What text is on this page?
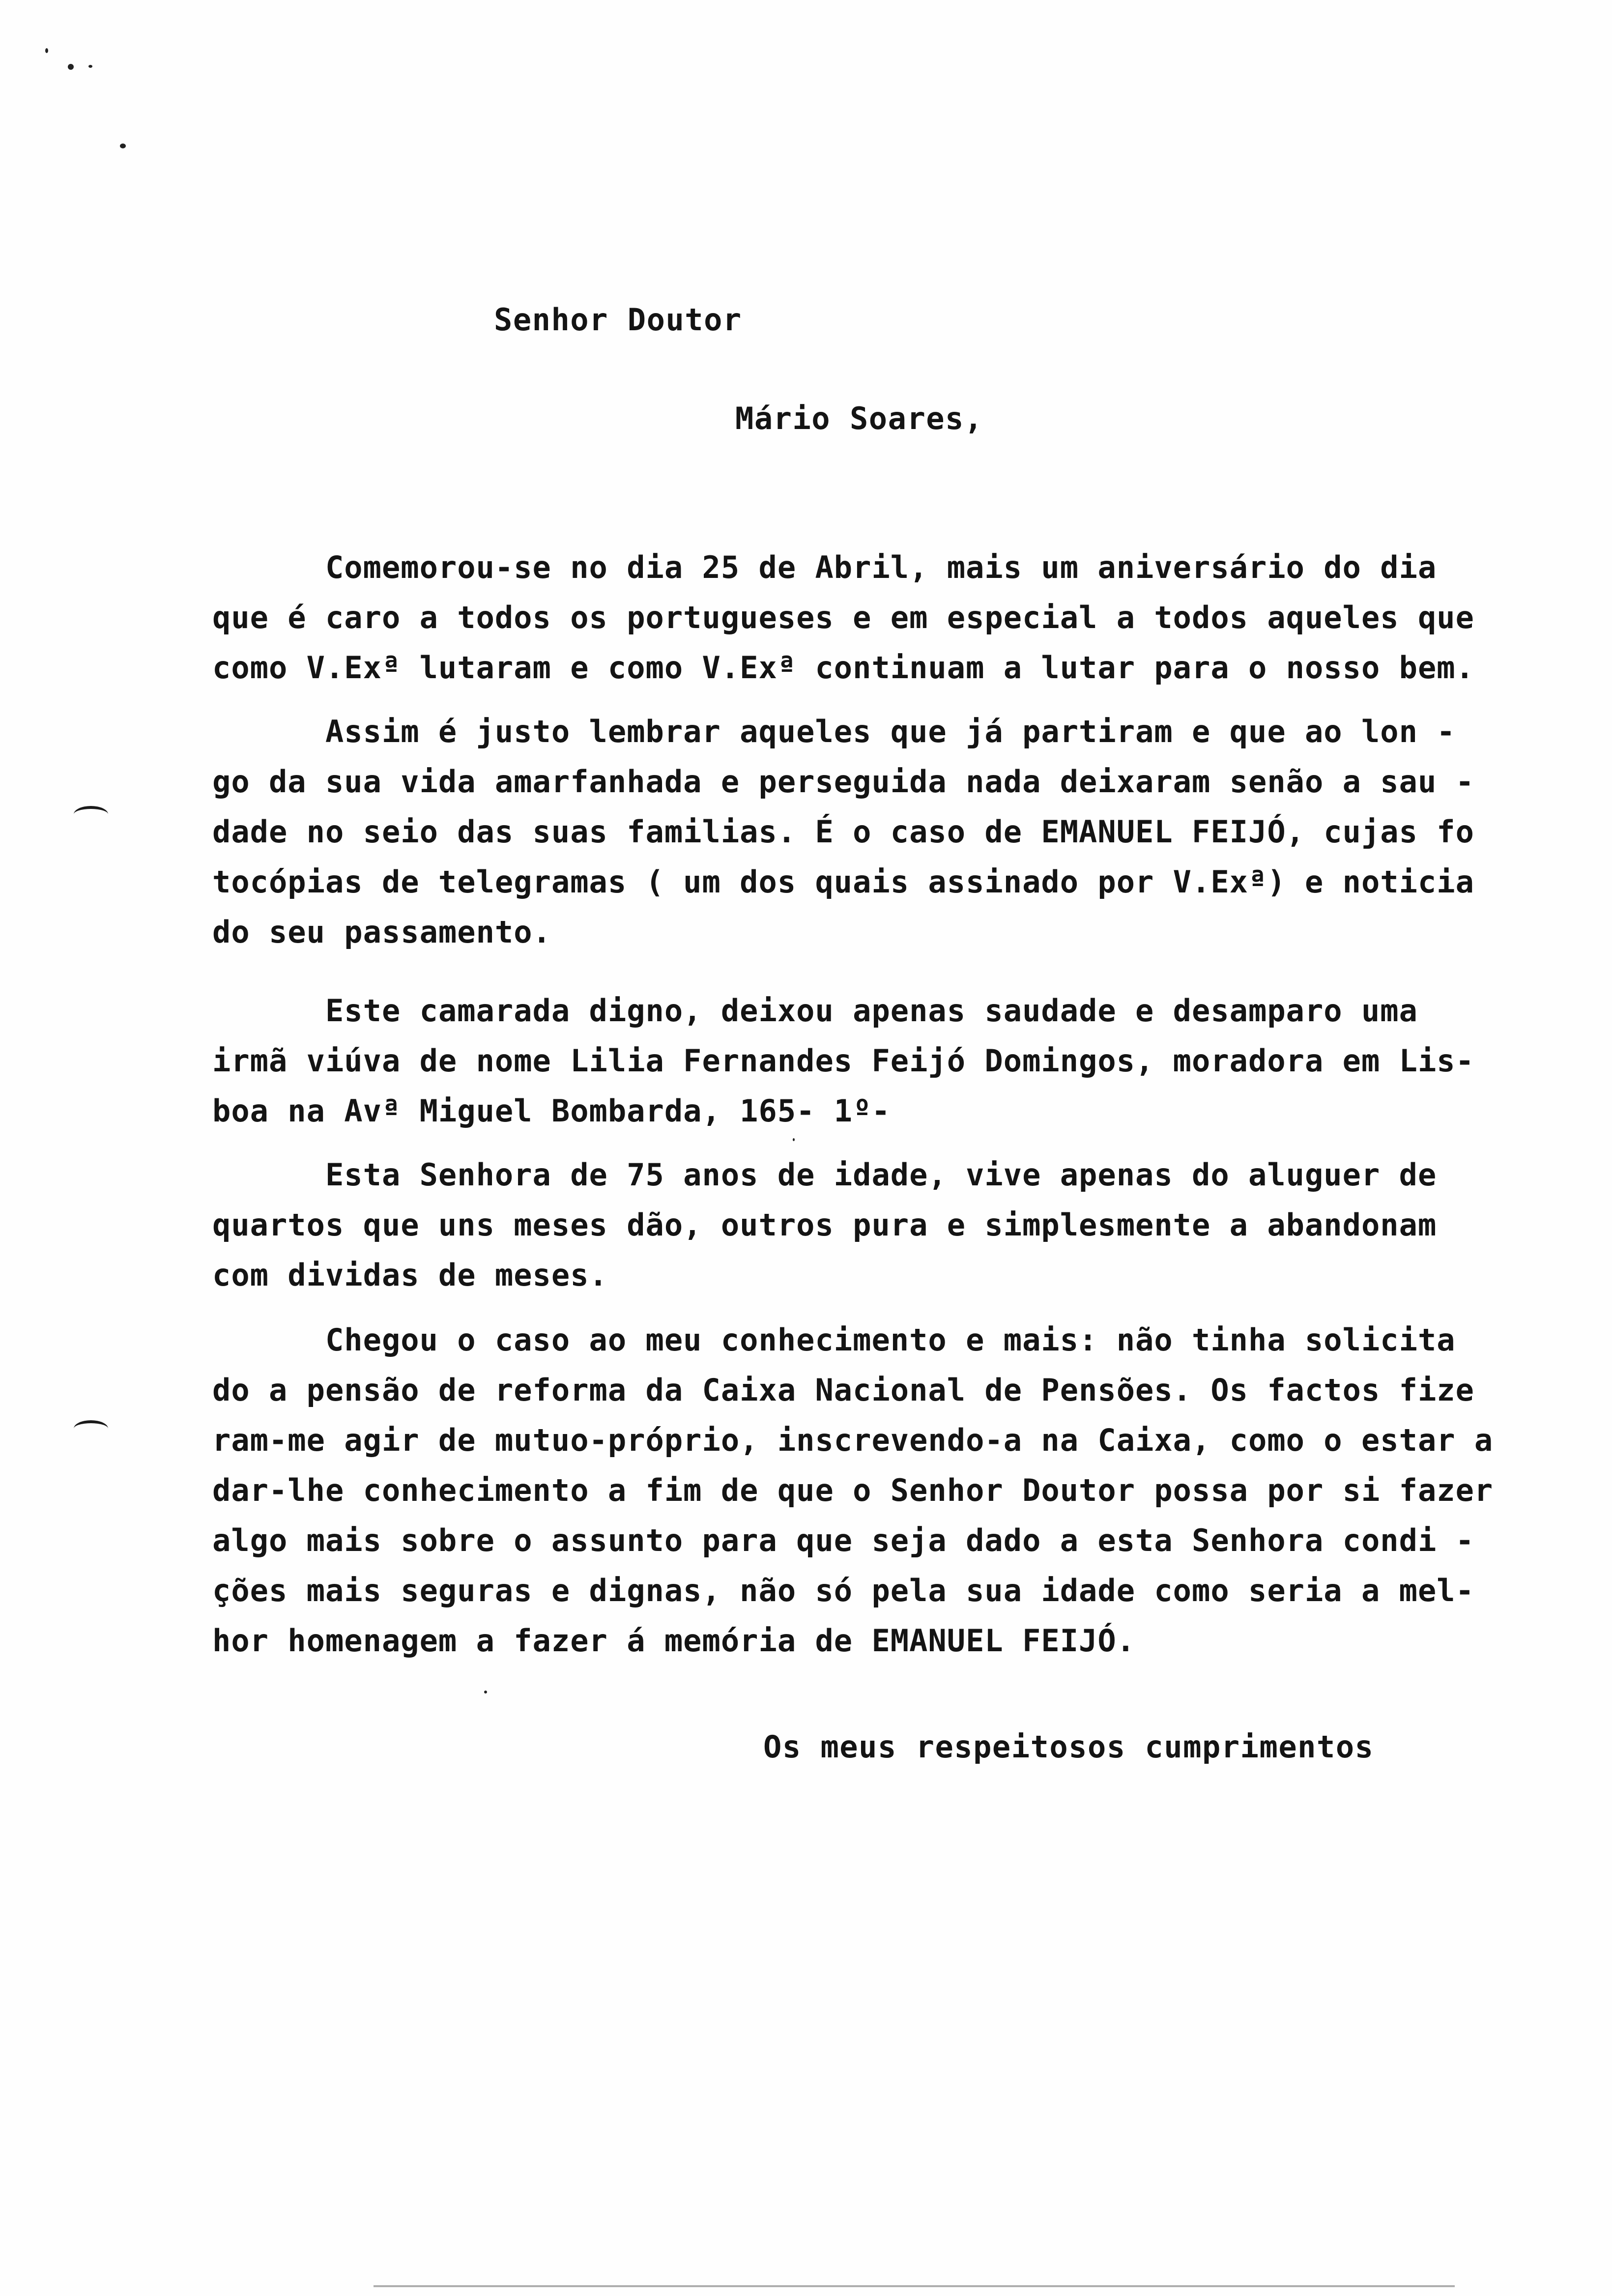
Senhor Doutor
Mário Soares,
Comemorou-se no dia 25 de Abril, mais um aniversário do dia
que é caro a todos os portugueses e em especial a todos aqueles que
como V.Exª lutaram e como V.Exª continuam a lutar para o nosso bem.
Assim é justo lembrar aqueles que já partiram e que ao lon -
go da sua vida amarfanhada e perseguida nada deixaram senão a sau -
dade no seio das suas familias. É o caso de EMANUEL FEIJÓ, cujas fo
tocópias de telegramas ( um dos quais assinado por V.Exª) e noticia
do seu passamento.
Este camarada digno, deixou apenas saudade e desamparo uma
irmã viúva de nome Lilia Fernandes Feijó Domingos, moradora em Lis-
boa na Avª Miguel Bombarda, 165- 1º-
Esta Senhora de 75 anos de idade, vive apenas do aluguer de
quartos que uns meses dão, outros pura e simplesmente a abandonam
com dividas de meses.
Chegou o caso ao meu conhecimento e mais: não tinha solicita
do a pensão de reforma da Caixa Nacional de Pensões. Os factos fize
ram-me agir de mutuo-próprio, inscrevendo-a na Caixa, como o estar a
dar-lhe conhecimento a fim de que o Senhor Doutor possa por si fazer
algo mais sobre o assunto para que seja dado a esta Senhora condi -
ções mais seguras e dignas, não só pela sua idade como seria a mel-
hor homenagem a fazer á memória de EMANUEL FEIJÓ.
Os meus respeitosos cumprimentos
